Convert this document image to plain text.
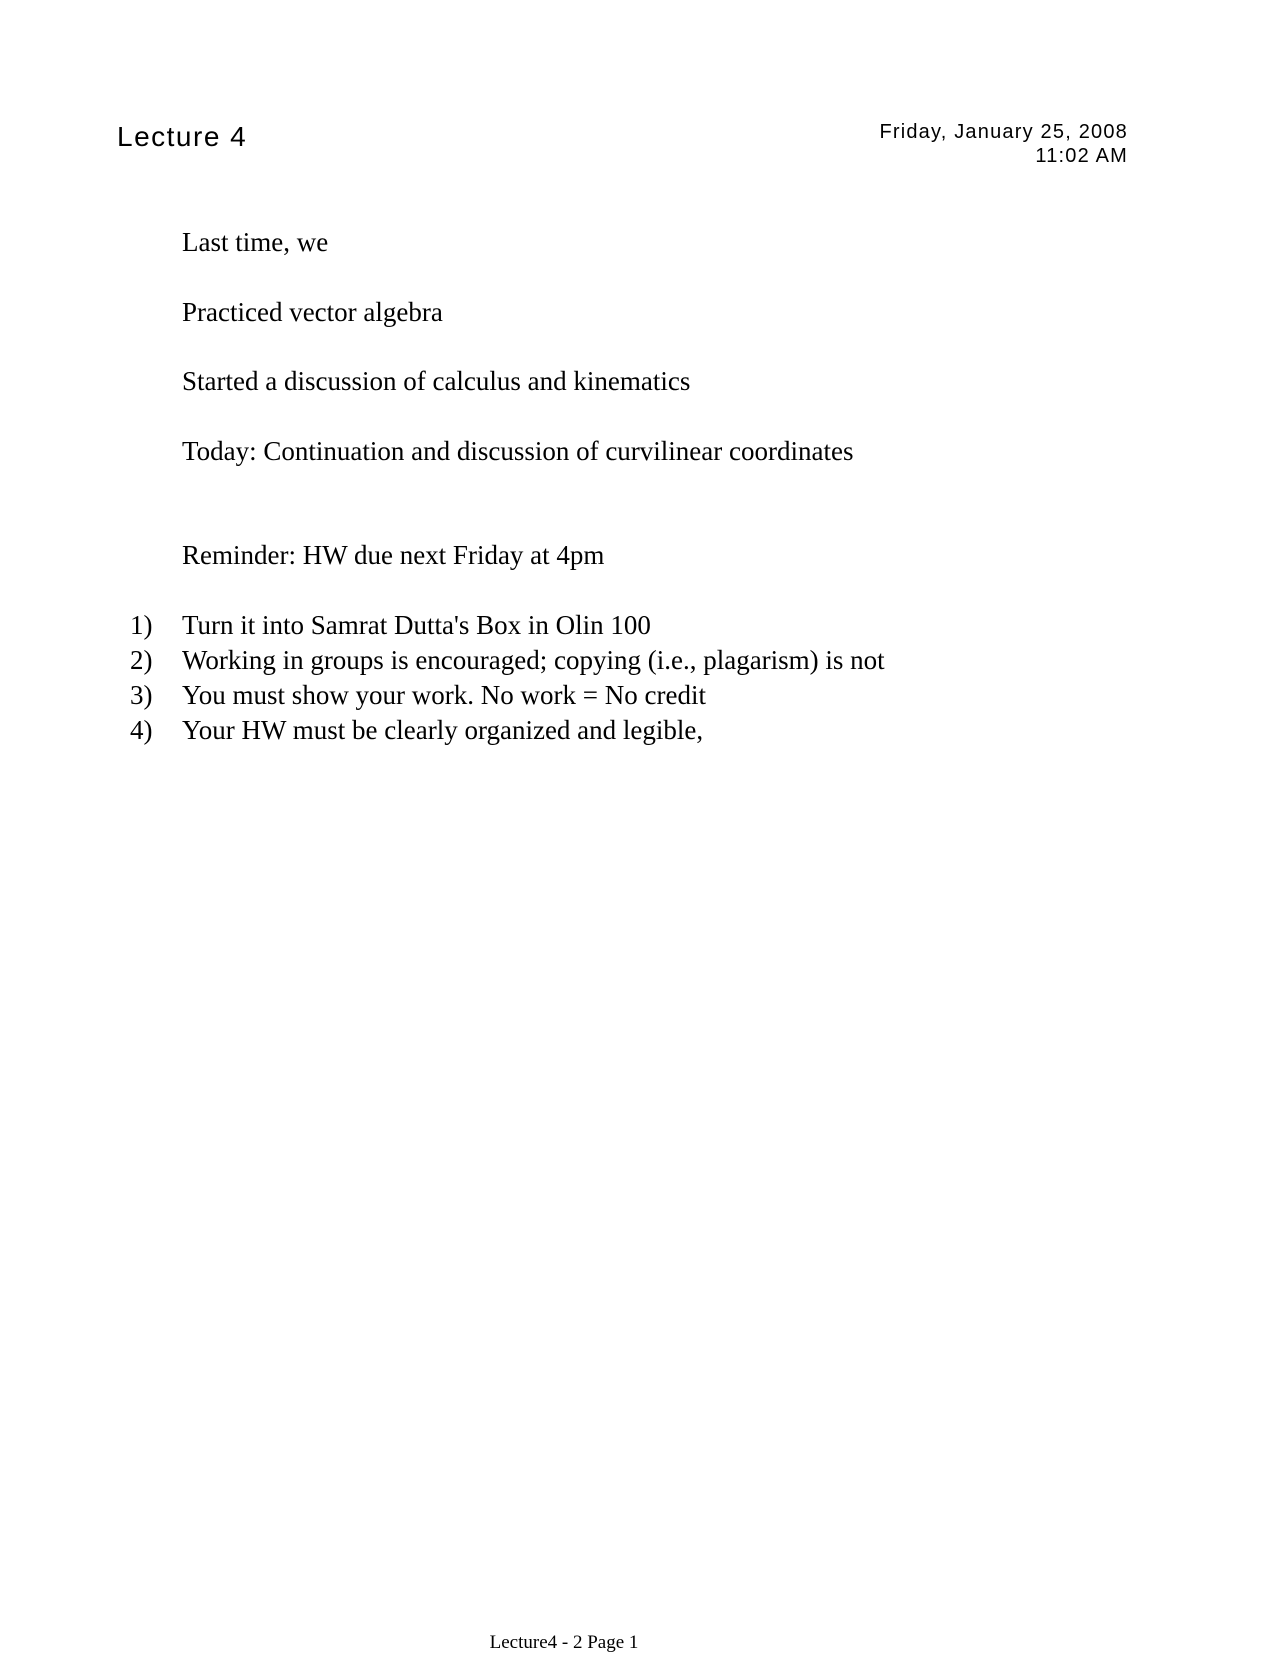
Lecture 4	Friday, January 25, 2008
11:02 AM
Last time, we
Practiced vector algebra
Started a discussion of calculus and kinematics
Today: Continuation and discussion of curvilinear coordinates
Reminder: HW due next Friday at 4pm
1)	Turn it into Samrat Dutta's Box in Olin 100
2)	Working in groups is encouraged; copying (i.e., plagarism) is not
3)	You must show your work. No work = No credit
4)	Your HW must be clearly organized and legible,
Lecture4 - 2 Page 1
